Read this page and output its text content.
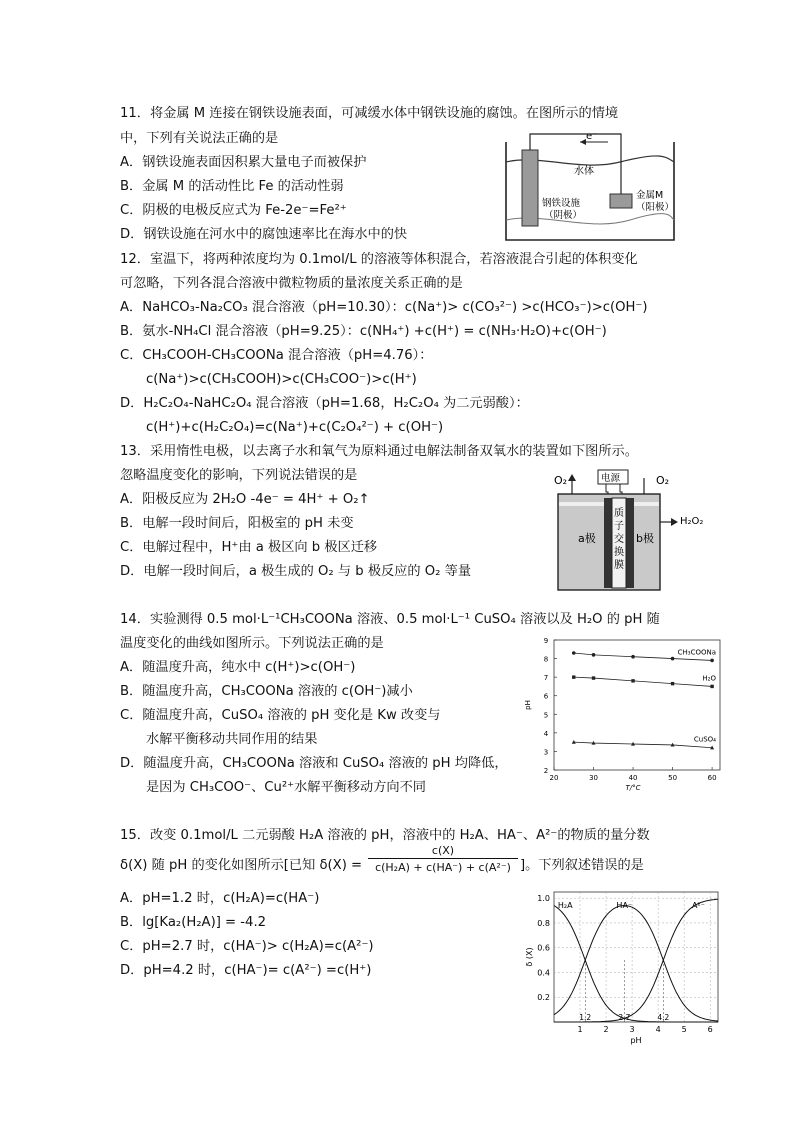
11．将金属 M 连接在钢铁设施表面，可减缓水体中钢铁设施的腐蚀。在图所示的情境
中，下列有关说法正确的是
A．钢铁设施表面因积累大量电子而被保护
B．金属 M 的活动性比 Fe 的活动性弱
C．阴极的电极反应式为 Fe-2e⁻=Fe²⁺
D．钢铁设施在河水中的腐蚀速率比在海水中的快
e⁻
水体
钢铁设施
（阴极）
金属M
（阳极）
12．室温下，将两种浓度均为 0.1mol/L 的溶液等体积混合，若溶液混合引起的体积变化
可忽略，下列各混合溶液中微粒物质的量浓度关系正确的是
A．NaHCO₃-Na₂CO₃ 混合溶液（pH=10.30）：c(Na⁺)> c(CO₃²⁻) >c(HCO₃⁻)>c(OH⁻)
B．氨水-NH₄Cl 混合溶液（pH=9.25）：c(NH₄⁺) +c(H⁺) = c(NH₃·H₂O)+c(OH⁻)
C．CH₃COOH-CH₃COONa 混合溶液（pH=4.76）：
c(Na⁺)>c(CH₃COOH)>c(CH₃COO⁻)>c(H⁺)
D．H₂C₂O₄-NaHC₂O₄ 混合溶液（pH=1.68，H₂C₂O₄ 为二元弱酸）：
c(H⁺)+c(H₂C₂O₄)=c(Na⁺)+c(C₂O₄²⁻) + c(OH⁻)
13．采用惰性电极，以去离子水和氧气为原料通过电解法制备双氧水的装置如下图所示。
忽略温度变化的影响，下列说法错误的是
A．阳极反应为 2H₂O -4e⁻ = 4H⁺ + O₂↑
B．电解一段时间后，阳极室的 pH 未变
C．电解过程中，H⁺由 a 极区向 b 极区迁移
D．电解一段时间后，a 极生成的 O₂ 与 b 极反应的 O₂ 等量
O₂	O₂
电源
H₂O₂
质
子
交
换
膜
a极	b极
14．实验测得 0.5 mol·L⁻¹CH₃COONa 溶液、0.5 mol·L⁻¹ CuSO₄ 溶液以及 H₂O 的 pH 随
温度变化的曲线如图所示。下列说法正确的是
A．随温度升高，纯水中 c(H⁺)>c(OH⁻)
B．随温度升高，CH₃COONa 溶液的 c(OH⁻)减小
C．随温度升高，CuSO₄ 溶液的 pH 变化是 Kw 改变与
水解平衡移动共同作用的结果
D．随温度升高，CH₃COONa 溶液和 CuSO₄ 溶液的 pH 均降低，
是因为 CH₃COO⁻、Cu²⁺水解平衡移动方向不同
2
3
4
5
6
7
8
9
20	30	40	50	60
T/°C
pH
CH₃COONa
H₂O
CuSO₄
15．改变 0.1mol/L 二元弱酸 H₂A 溶液的 pH，溶液中的 H₂A、HA⁻、A²⁻的物质的量分数
δ(X) 随 pH 的变化如图所示[已知 δ(X) =
c(X)
c(H₂A) + c(HA⁻) + c(A²⁻) ]。下列叙述错误的是
A．pH=1.2 时，c(H₂A)=c(HA⁻)
B．lg[Ka₂(H₂A)] = -4.2
C．pH=2.7 时，c(HA⁻)> c(H₂A)=c(A²⁻)
D．pH=4.2 时，c(HA⁻)= c(A²⁻) =c(H⁺)
0.2
0.4
0.6
0.8
1.0
1	2	3	4	5	6
1.2	2.7	4.2
pH
δ (X)
H₂A	HA⁻	A²⁻
